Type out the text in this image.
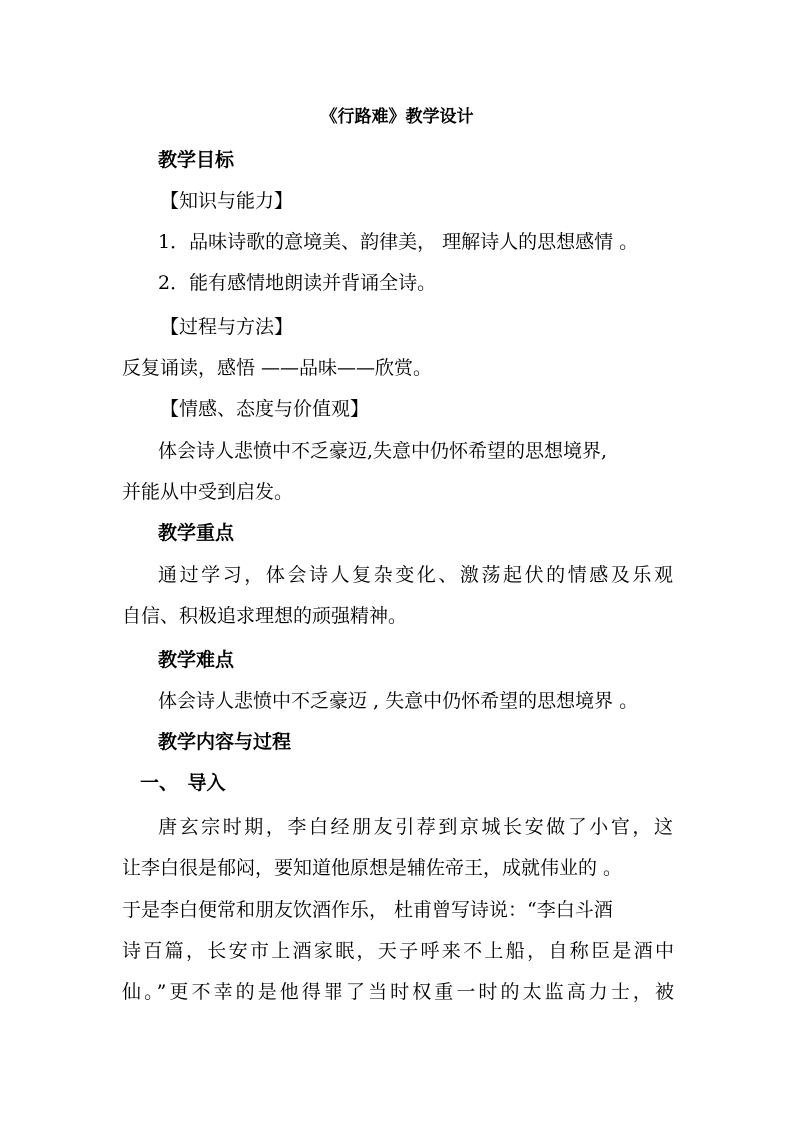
《行路难》教学设计
教学目标
【知识与能力】
1．品味诗歌的意境美、韵律美， 理解诗人的思想感情 。
2．能有感情地朗读并背诵全诗。
【过程与方法】
反复诵读，感悟 ——品味——欣赏。
【情感、态度与价值观】
体会诗人悲愤中不乏豪迈,失意中仍怀希望的思想境界,
并能从中受到启发。
教学重点
通过学习，体会诗人复杂变化、激荡起伏的情感及乐观
自信、积极追求理想的顽强精神。
教学难点
体会诗人悲愤中不乏豪迈 , 失意中仍怀希望的思想境界 。
教学内容与过程
一、　导入
唐玄宗时期，李白经朋友引荐到京城长安做了小官，这
让李白很是郁闷，要知道他原想是辅佐帝王，成就伟业的 。
于是李白便常和朋友饮酒作乐， 杜甫曾写诗说：“李白斗酒
诗百篇，长安市上酒家眠，天子呼来不上船，自称臣是酒中
仙。”更不幸的是他得罪了当时权重一时的太监高力士，被
